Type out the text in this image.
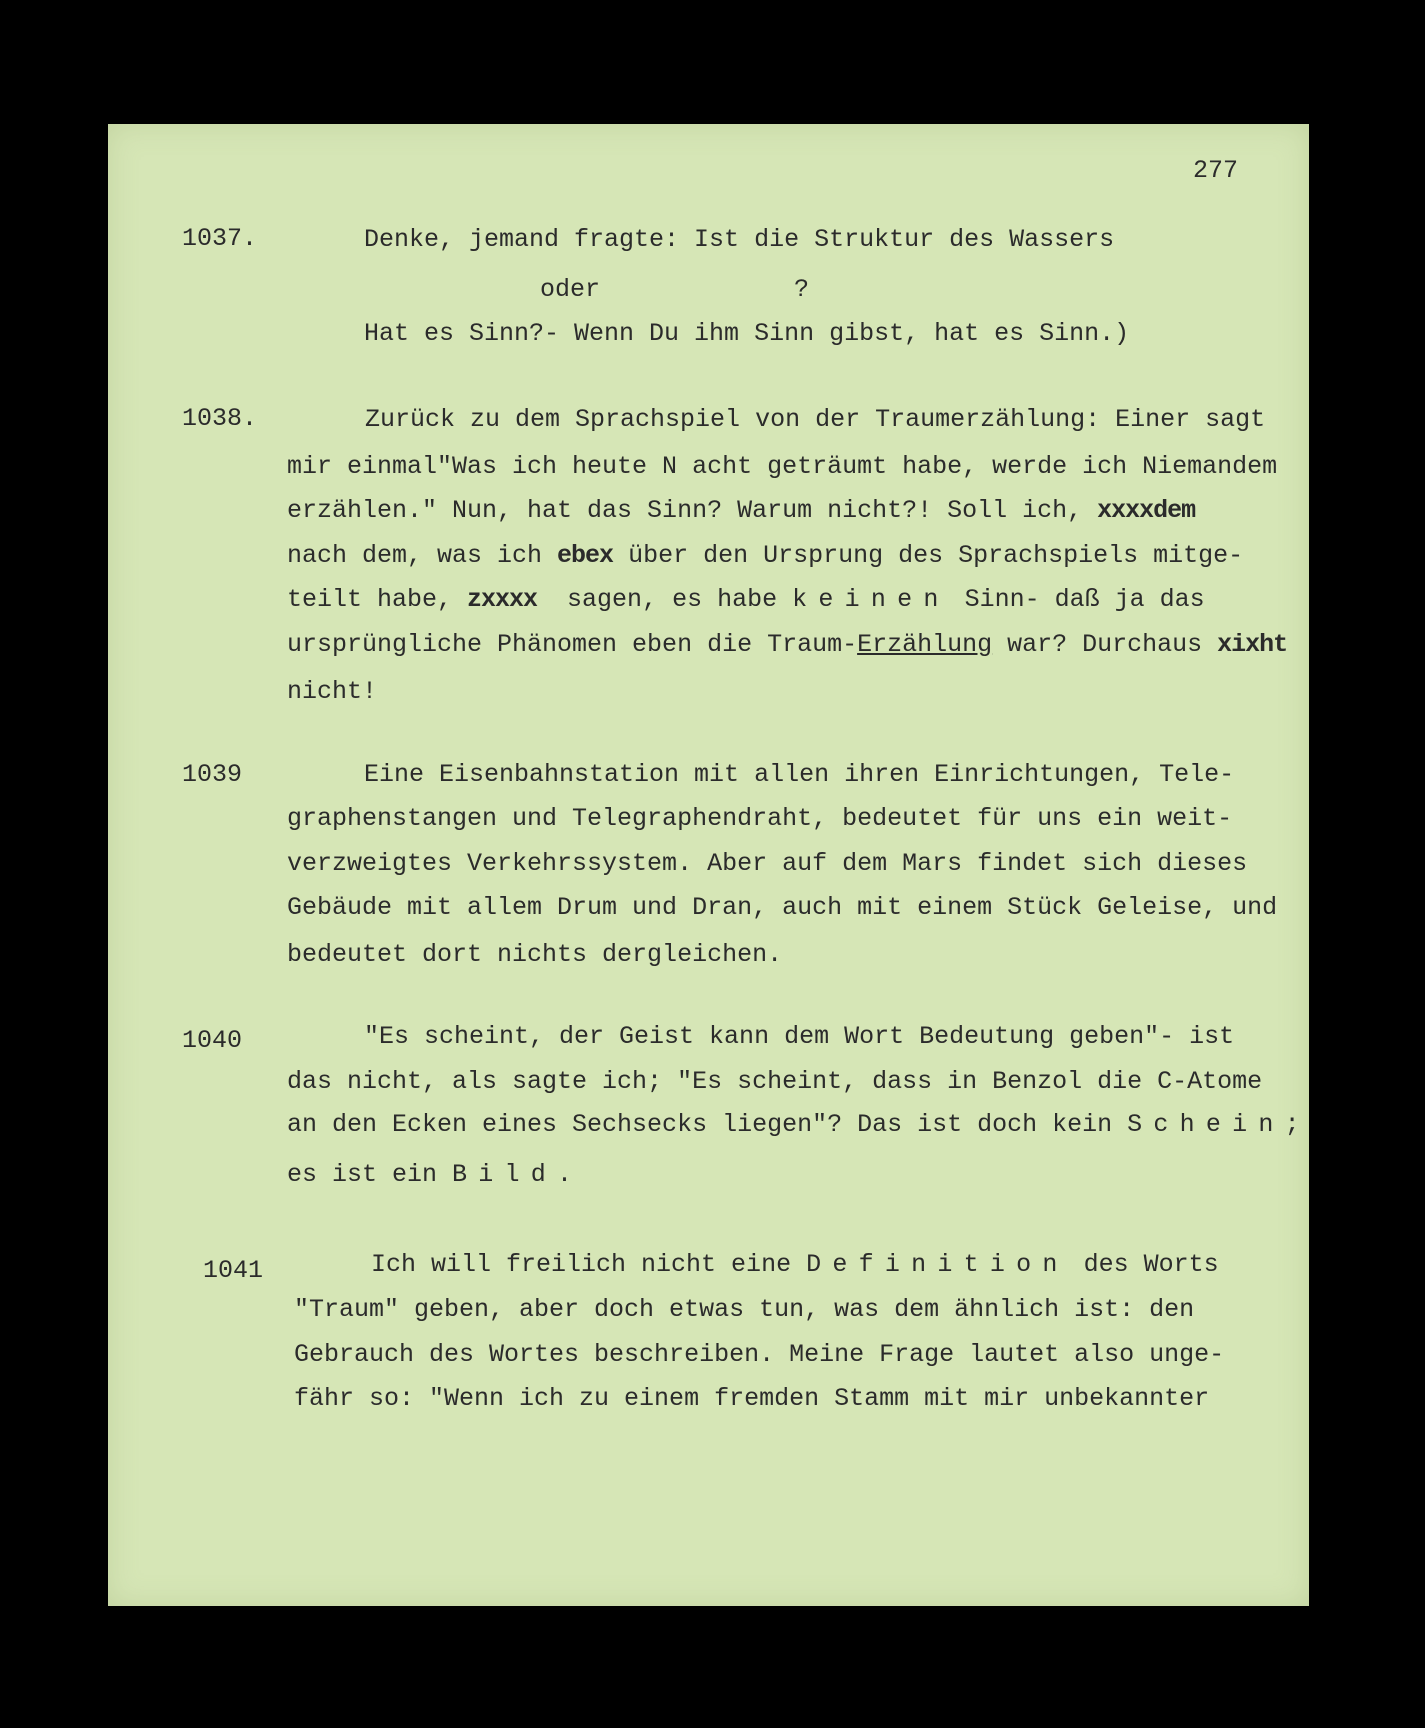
277
1037.	Denke, jemand fragte: Ist die Struktur des Wassers
oder	?
Hat es Sinn?- Wenn Du ihm Sinn gibst, hat es Sinn.)
1038.	Zurück zu dem Sprachspiel von der Traumerzählung: Einer sagt
mir einmal"Was ich heute N acht geträumt habe, werde ich Niemandem
erzählen." Nun, hat das Sinn? Warum nicht?! Soll ich, xxxxdem
nach dem, was ich ebex über den Ursprung des Sprachspiels mitge-
teilt habe, zxxxx  sagen, es habe keinen Sinn- daß ja das
ursprüngliche Phänomen eben die Traum-Erzählung war? Durchaus xixht
nicht!
1039	Eine Eisenbahnstation mit allen ihren Einrichtungen, Tele-
graphenstangen und Telegraphendraht, bedeutet für uns ein weit-
verzweigtes Verkehrssystem. Aber auf dem Mars findet sich dieses
Gebäude mit allem Drum und Dran, auch mit einem Stück Geleise, und
bedeutet dort nichts dergleichen.
1040	"Es scheint, der Geist kann dem Wort Bedeutung geben"- ist
das nicht, als sagte ich; "Es scheint, dass in Benzol die C-Atome
an den Ecken eines Sechsecks liegen"? Das ist doch kein Schein;
es ist ein Bild.
1041	Ich will freilich nicht eine Definition des Worts
"Traum" geben, aber doch etwas tun, was dem ähnlich ist: den
Gebrauch des Wortes beschreiben. Meine Frage lautet also unge-
fähr so: "Wenn ich zu einem fremden Stamm mit mir unbekannter
